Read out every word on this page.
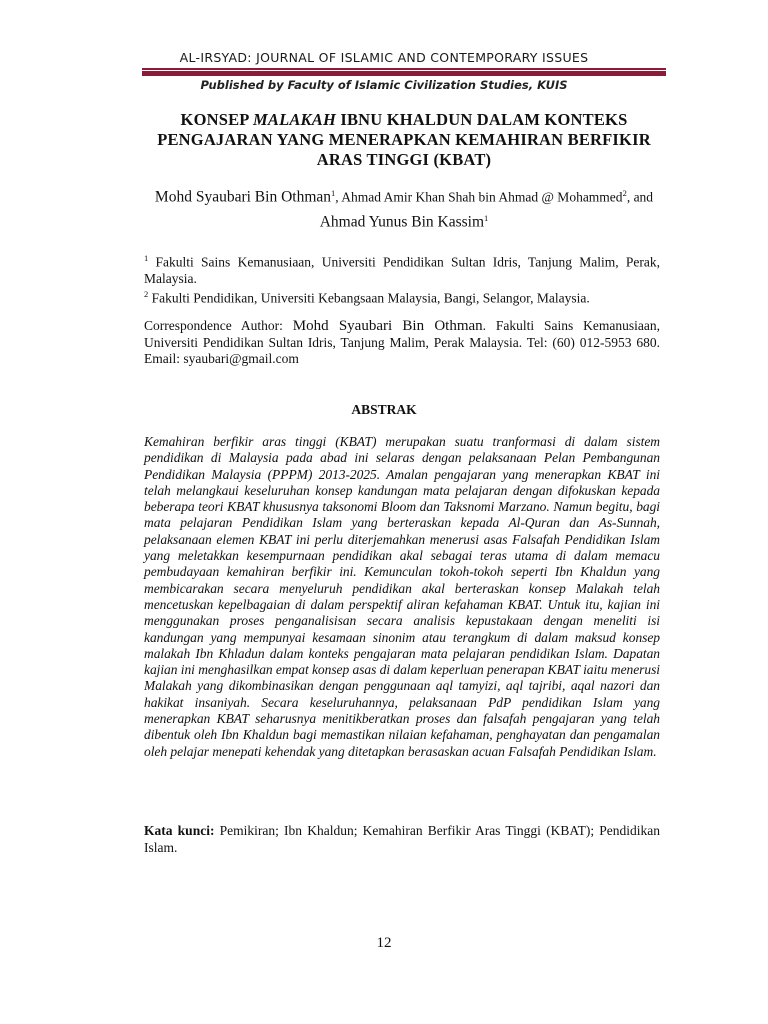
AL-IRSYAD: JOURNAL OF ISLAMIC AND CONTEMPORARY ISSUES
Published by Faculty of Islamic Civilization Studies, KUIS
KONSEP MALAKAH IBNU KHALDUN DALAM KONTEKS PENGAJARAN YANG MENERAPKAN KEMAHIRAN BERFIKIR ARAS TINGGI (KBAT)
Mohd Syaubari Bin Othman$^1$, Ahmad Amir Khan Shah bin Ahmad @ Mohammed$^2$, and Ahmad Yunus Bin Kassim$^1$
$^1$ Fakulti Sains Kemanusiaan, Universiti Pendidikan Sultan Idris, Tanjung Malim, Perak, Malaysia.
$^2$ Fakulti Pendidikan, Universiti Kebangsaan Malaysia, Bangi, Selangor, Malaysia.
Correspondence Author: Mohd Syaubari Bin Othman. Fakulti Sains Kemanusiaan, Universiti Pendidikan Sultan Idris, Tanjung Malim, Perak Malaysia. Tel: (60) 012-5953 680. Email: syaubari@gmail.com
ABSTRAK
Kemahiran berfikir aras tinggi (KBAT) merupakan suatu tranformasi di dalam sistem pendidikan di Malaysia pada abad ini selaras dengan pelaksanaan Pelan Pembangunan Pendidikan Malaysia (PPPM) 2013-2025. Amalan pengajaran yang menerapkan KBAT ini telah melangkaui keseluruhan konsep kandungan mata pelajaran dengan difokuskan kepada beberapa teori KBAT khususnya taksonomi Bloom dan Taksnomi Marzano. Namun begitu, bagi mata pelajaran Pendidikan Islam yang berteraskan kepada Al-Quran dan As-Sunnah, pelaksanaan elemen KBAT ini perlu diterjemahkan menerusi asas Falsafah Pendidikan Islam yang meletakkan kesempurnaan pendidikan akal sebagai teras utama di dalam memacu pembudayaan kemahiran berfikir ini. Kemunculan tokoh-tokoh seperti Ibn Khaldun yang membicarakan secara menyeluruh pendidikan akal berteraskan konsep Malakah telah mencetuskan kepelbagaian di dalam perspektif aliran kefahaman KBAT. Untuk itu, kajian ini menggunakan proses penganalisisan secara analisis kepustakaan dengan meneliti isi kandungan yang mempunyai kesamaan sinonim atau terangkum di dalam maksud konsep malakah Ibn Khladun dalam konteks pengajaran mata pelajaran pendidikan Islam. Dapatan kajian ini menghasilkan empat konsep asas di dalam keperluan penerapan KBAT iaitu menerusi Malakah yang dikombinasikan dengan penggunaan aql tamyizi, aql tajribi, aqal nazori dan hakikat insaniyah. Secara keseluruhannya, pelaksanaan PdP pendidikan Islam yang menerapkan KBAT seharusnya menitikberatkan proses dan falsafah pengajaran yang telah dibentuk oleh Ibn Khaldun bagi memastikan nilaian kefahaman, penghayatan dan pengamalan oleh pelajar menepati kehendak yang ditetapkan berasaskan acuan Falsafah Pendidikan Islam.
Kata kunci: Pemikiran; Ibn Khaldun; Kemahiran Berfikir Aras Tinggi (KBAT); Pendidikan Islam.
12
